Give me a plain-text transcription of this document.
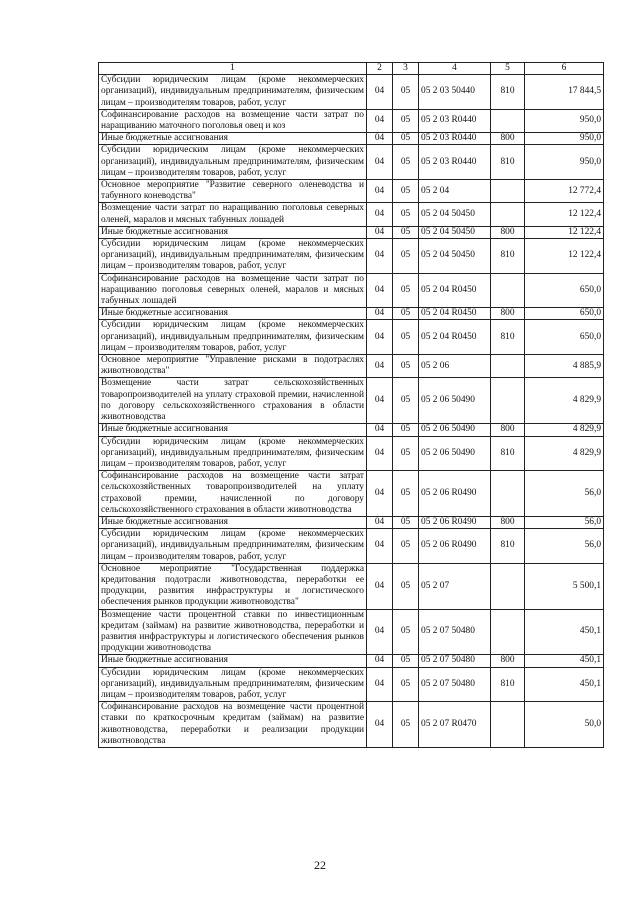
1	2	3	4	5	6
Субсидии юридическим лицам (кроме некоммерческих организаций), индивидуальным предпринимателям, физическим лицам – производителям товаров, работ, услуг	04	05	05 2 03 50440	810	17 844,5
Софинансирование расходов на возмещение части затрат по наращиванию маточного поголовья овец и коз	04	05	05 2 03 R0440		950,0
Иные бюджетные ассигнования	04	05	05 2 03 R0440	800	950,0
Субсидии юридическим лицам (кроме некоммерческих организаций), индивидуальным предпринимателям, физическим лицам – производителям товаров, работ, услуг	04	05	05 2 03 R0440	810	950,0
Основное мероприятие "Развитие северного оленеводства и табунного коневодства"	04	05	05 2 04		12 772,4
Возмещение части затрат по наращиванию поголовья северных оленей, маралов и мясных табунных лошадей	04	05	05 2 04 50450		12 122,4
Иные бюджетные ассигнования	04	05	05 2 04 50450	800	12 122,4
Субсидии юридическим лицам (кроме некоммерческих организаций), индивидуальным предпринимателям, физическим лицам – производителям товаров, работ, услуг	04	05	05 2 04 50450	810	12 122,4
Софинансирование расходов на возмещение части затрат по наращиванию поголовья северных оленей, маралов и мясных табунных лошадей	04	05	05 2 04 R0450		650,0
Иные бюджетные ассигнования	04	05	05 2 04 R0450	800	650,0
Субсидии юридическим лицам (кроме некоммерческих организаций), индивидуальным предпринимателям, физическим лицам – производителям товаров, работ, услуг	04	05	05 2 04 R0450	810	650,0
Основное мероприятие "Управление рисками в подотраслях животноводства"	04	05	05 2 06		4 885,9
Возмещение части затрат сельскохозяйственных товаропроизводителей на уплату страховой премии, начисленной по договору сельскохозяйственного страхования в области животноводства	04	05	05 2 06 50490		4 829,9
Иные бюджетные ассигнования	04	05	05 2 06 50490	800	4 829,9
Субсидии юридическим лицам (кроме некоммерческих организаций), индивидуальным предпринимателям, физическим лицам – производителям товаров, работ, услуг	04	05	05 2 06 50490	810	4 829,9
Софинансирование расходов на возмещение части затрат сельскохозяйственных товаропроизводителей на уплату страховой премии, начисленной по договору сельскохозяйственного страхования в области животноводства	04	05	05 2 06 R0490		56,0
Иные бюджетные ассигнования	04	05	05 2 06 R0490	800	56,0
Субсидии юридическим лицам (кроме некоммерческих организаций), индивидуальным предпринимателям, физическим лицам – производителям товаров, работ, услуг	04	05	05 2 06 R0490	810	56,0
Основное мероприятие "Государственная поддержка кредитования подотрасли животноводства, переработки ее продукции, развития инфраструктуры и логистического обеспечения рынков продукции животноводства"	04	05	05 2 07		5 500,1
Возмещение части процентной ставки по инвестиционным кредитам (займам) на развитие животноводства, переработки и развития инфраструктуры и логистического обеспечения рынков продукции животноводства	04	05	05 2 07 50480		450,1
Иные бюджетные ассигнования	04	05	05 2 07 50480	800	450,1
Субсидии юридическим лицам (кроме некоммерческих организаций), индивидуальным предпринимателям, физическим лицам – производителям товаров, работ, услуг	04	05	05 2 07 50480	810	450,1
Софинансирование расходов на возмещение части процентной ставки по краткосрочным кредитам (займам) на развитие животноводства, переработки и реализации продукции животноводства	04	05	05 2 07 R0470		50,0
22
